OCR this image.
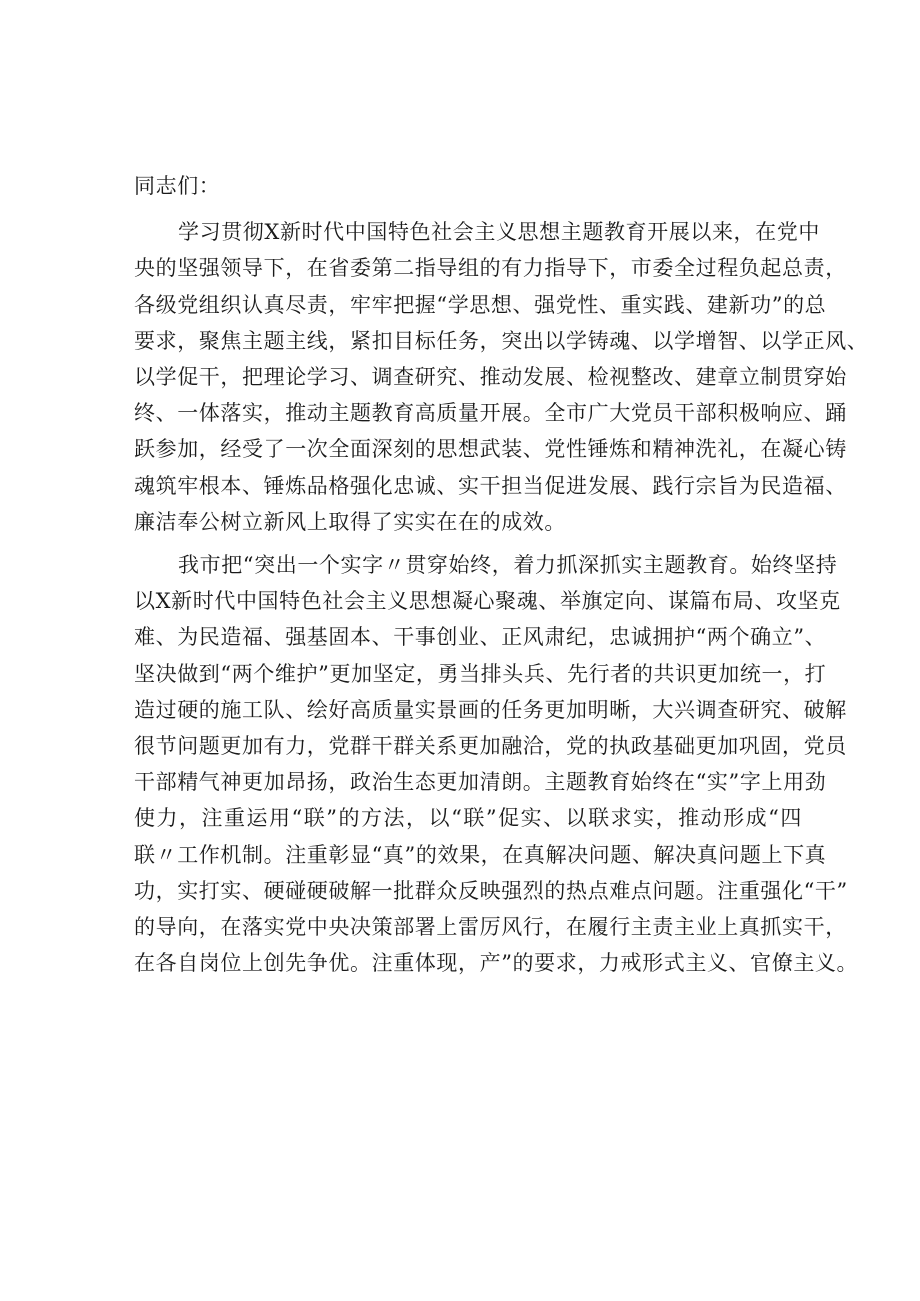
同志们：
学习贯彻X新时代中国特色社会主义思想主题教育开展以来，在党中
央的坚强领导下，在省委第二指导组的有力指导下，市委全过程负起总责，
各级党组织认真尽责，牢牢把握“学思想、强党性、重实践、建新功”的总
要求，聚焦主题主线，紧扣目标任务，突出以学铸魂、以学增智、以学正风、
以学促干，把理论学习、调查研究、推动发展、检视整改、建章立制贯穿始
终、一体落实，推动主题教育高质量开展。全市广大党员干部积极响应、踊
跃参加，经受了一次全面深刻的思想武装、党性锤炼和精神洗礼，在凝心铸
魂筑牢根本、锤炼品格强化忠诚、实干担当促进发展、践行宗旨为民造福、
廉洁奉公树立新风上取得了实实在在的成效。
我市把“突出一个实字〃贯穿始终，着力抓深抓实主题教育。始终坚持
以X新时代中国特色社会主义思想凝心聚魂、举旗定向、谋篇布局、攻坚克
难、为民造福、强基固本、干事创业、正风肃纪，忠诚拥护“两个确立”、
坚决做到“两个维护”更加坚定，勇当排头兵、先行者的共识更加统一，打
造过硬的施工队、绘好高质量实景画的任务更加明晰，大兴调查研究、破解
很节问题更加有力，党群干群关系更加融洽，党的执政基础更加巩固，党员
干部精气神更加昂扬，政治生态更加清朗。主题教育始终在“实”字上用劲
使力，注重运用“联”的方法，以“联”促实、以联求实，推动形成“四
联〃工作机制。注重彰显“真”的效果，在真解决问题、解决真问题上下真
功，实打实、硬碰硬破解一批群众反映强烈的热点难点问题。注重强化“干”
的导向，在落实党中央决策部署上雷厉风行，在履行主责主业上真抓实干，
在各自岗位上创先争优。注重体现，产”的要求，力戒形式主义、官僚主义。
